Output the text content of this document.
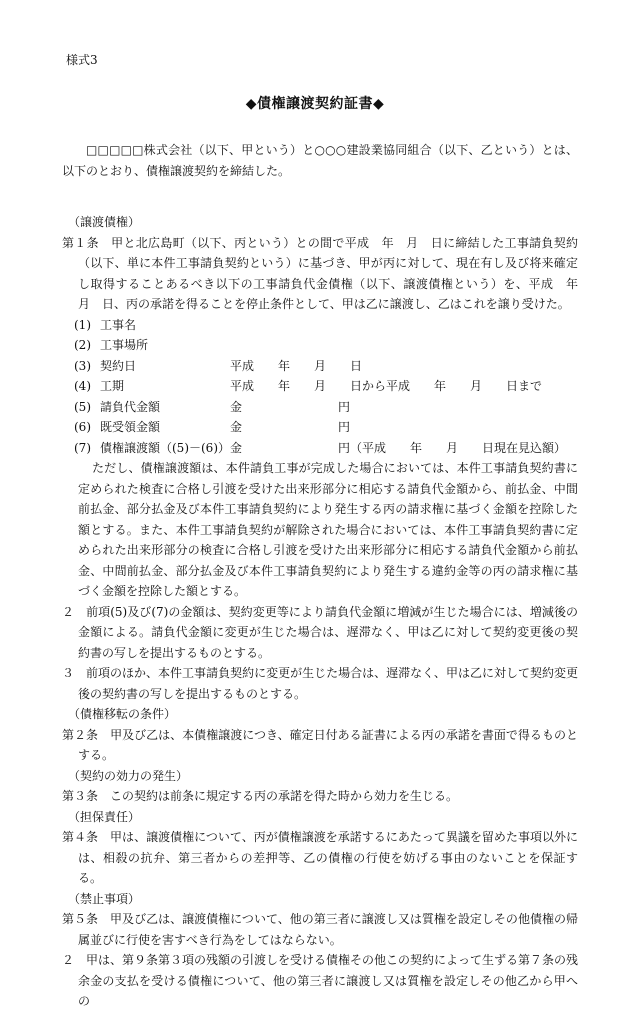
様式3
◆債権譲渡契約証書◆
□□□□□株式会社（以下、甲という）と○○○建設業協同組合（以下、乙という）とは、以下のとおり、債権譲渡契約を締結した。
（譲渡債権）
第１条　甲と北広島町（以下、丙という）との間で平成　年　月　日に締結した工事請負契約（以下、単に本件工事請負契約という）に基づき、甲が丙に対して、現在有し及び将来確定し取得することあるべき以下の工事請負代金債権（以下、譲渡債権という）を、平成　年　月　日、丙の承諾を得ることを停止条件として、甲は乙に譲渡し、乙はこれを譲り受けた。
(1) 工事名
(2) 工事場所
(3) 契約日	平成　　年　　月　　日
(4) 工期	平成　　年　　月　　日から平成　　年　　月　　日まで
(5) 請負代金額	金　　　　　　　　円
(6) 既受領金額	金　　　　　　　　円
(7) 債権譲渡額（(5)－(6)） 金　　　　　　　　円（平成　　年　　月　　日現在見込額）
ただし、債権譲渡額は、本件請負工事が完成した場合においては、本件工事請負契約書に定められた検査に合格し引渡を受けた出来形部分に相応する請負代金額から、前払金、中間前払金、部分払金及び本件工事請負契約により発生する丙の請求権に基づく金額を控除した額とする。また、本件工事請負契約が解除された場合においては、本件工事請負契約書に定められた出来形部分の検査に合格し引渡を受けた出来形部分に相応する請負代金額から前払金、中間前払金、部分払金及び本件工事請負契約により発生する違約金等の丙の請求権に基づく金額を控除した額とする。
２　前項(5)及び(7)の金額は、契約変更等により請負代金額に増減が生じた場合には、増減後の金額による。請負代金額に変更が生じた場合は、遅滞なく、甲は乙に対して契約変更後の契約書の写しを提出するものとする。
３　前項のほか、本件工事請負契約に変更が生じた場合は、遅滞なく、甲は乙に対して契約変更後の契約書の写しを提出するものとする。
（債権移転の条件）
第２条　甲及び乙は、本債権譲渡につき、確定日付ある証書による丙の承諾を書面で得るものとする。
（契約の効力の発生）
第３条　この契約は前条に規定する丙の承諾を得た時から効力を生じる。
（担保責任）
第４条　甲は、譲渡債権について、丙が債権譲渡を承諾するにあたって異議を留めた事項以外には、相殺の抗弁、第三者からの差押等、乙の債権の行使を妨げる事由のないことを保証する。
（禁止事項）
第５条　甲及び乙は、譲渡債権について、他の第三者に譲渡し又は質権を設定しその他債権の帰属並びに行使を害すべき行為をしてはならない。
２　甲は、第９条第３項の残額の引渡しを受ける債権その他この契約によって生ずる第７条の残余金の支払を受ける債権について、他の第三者に譲渡し又は質権を設定しその他乙から甲への
